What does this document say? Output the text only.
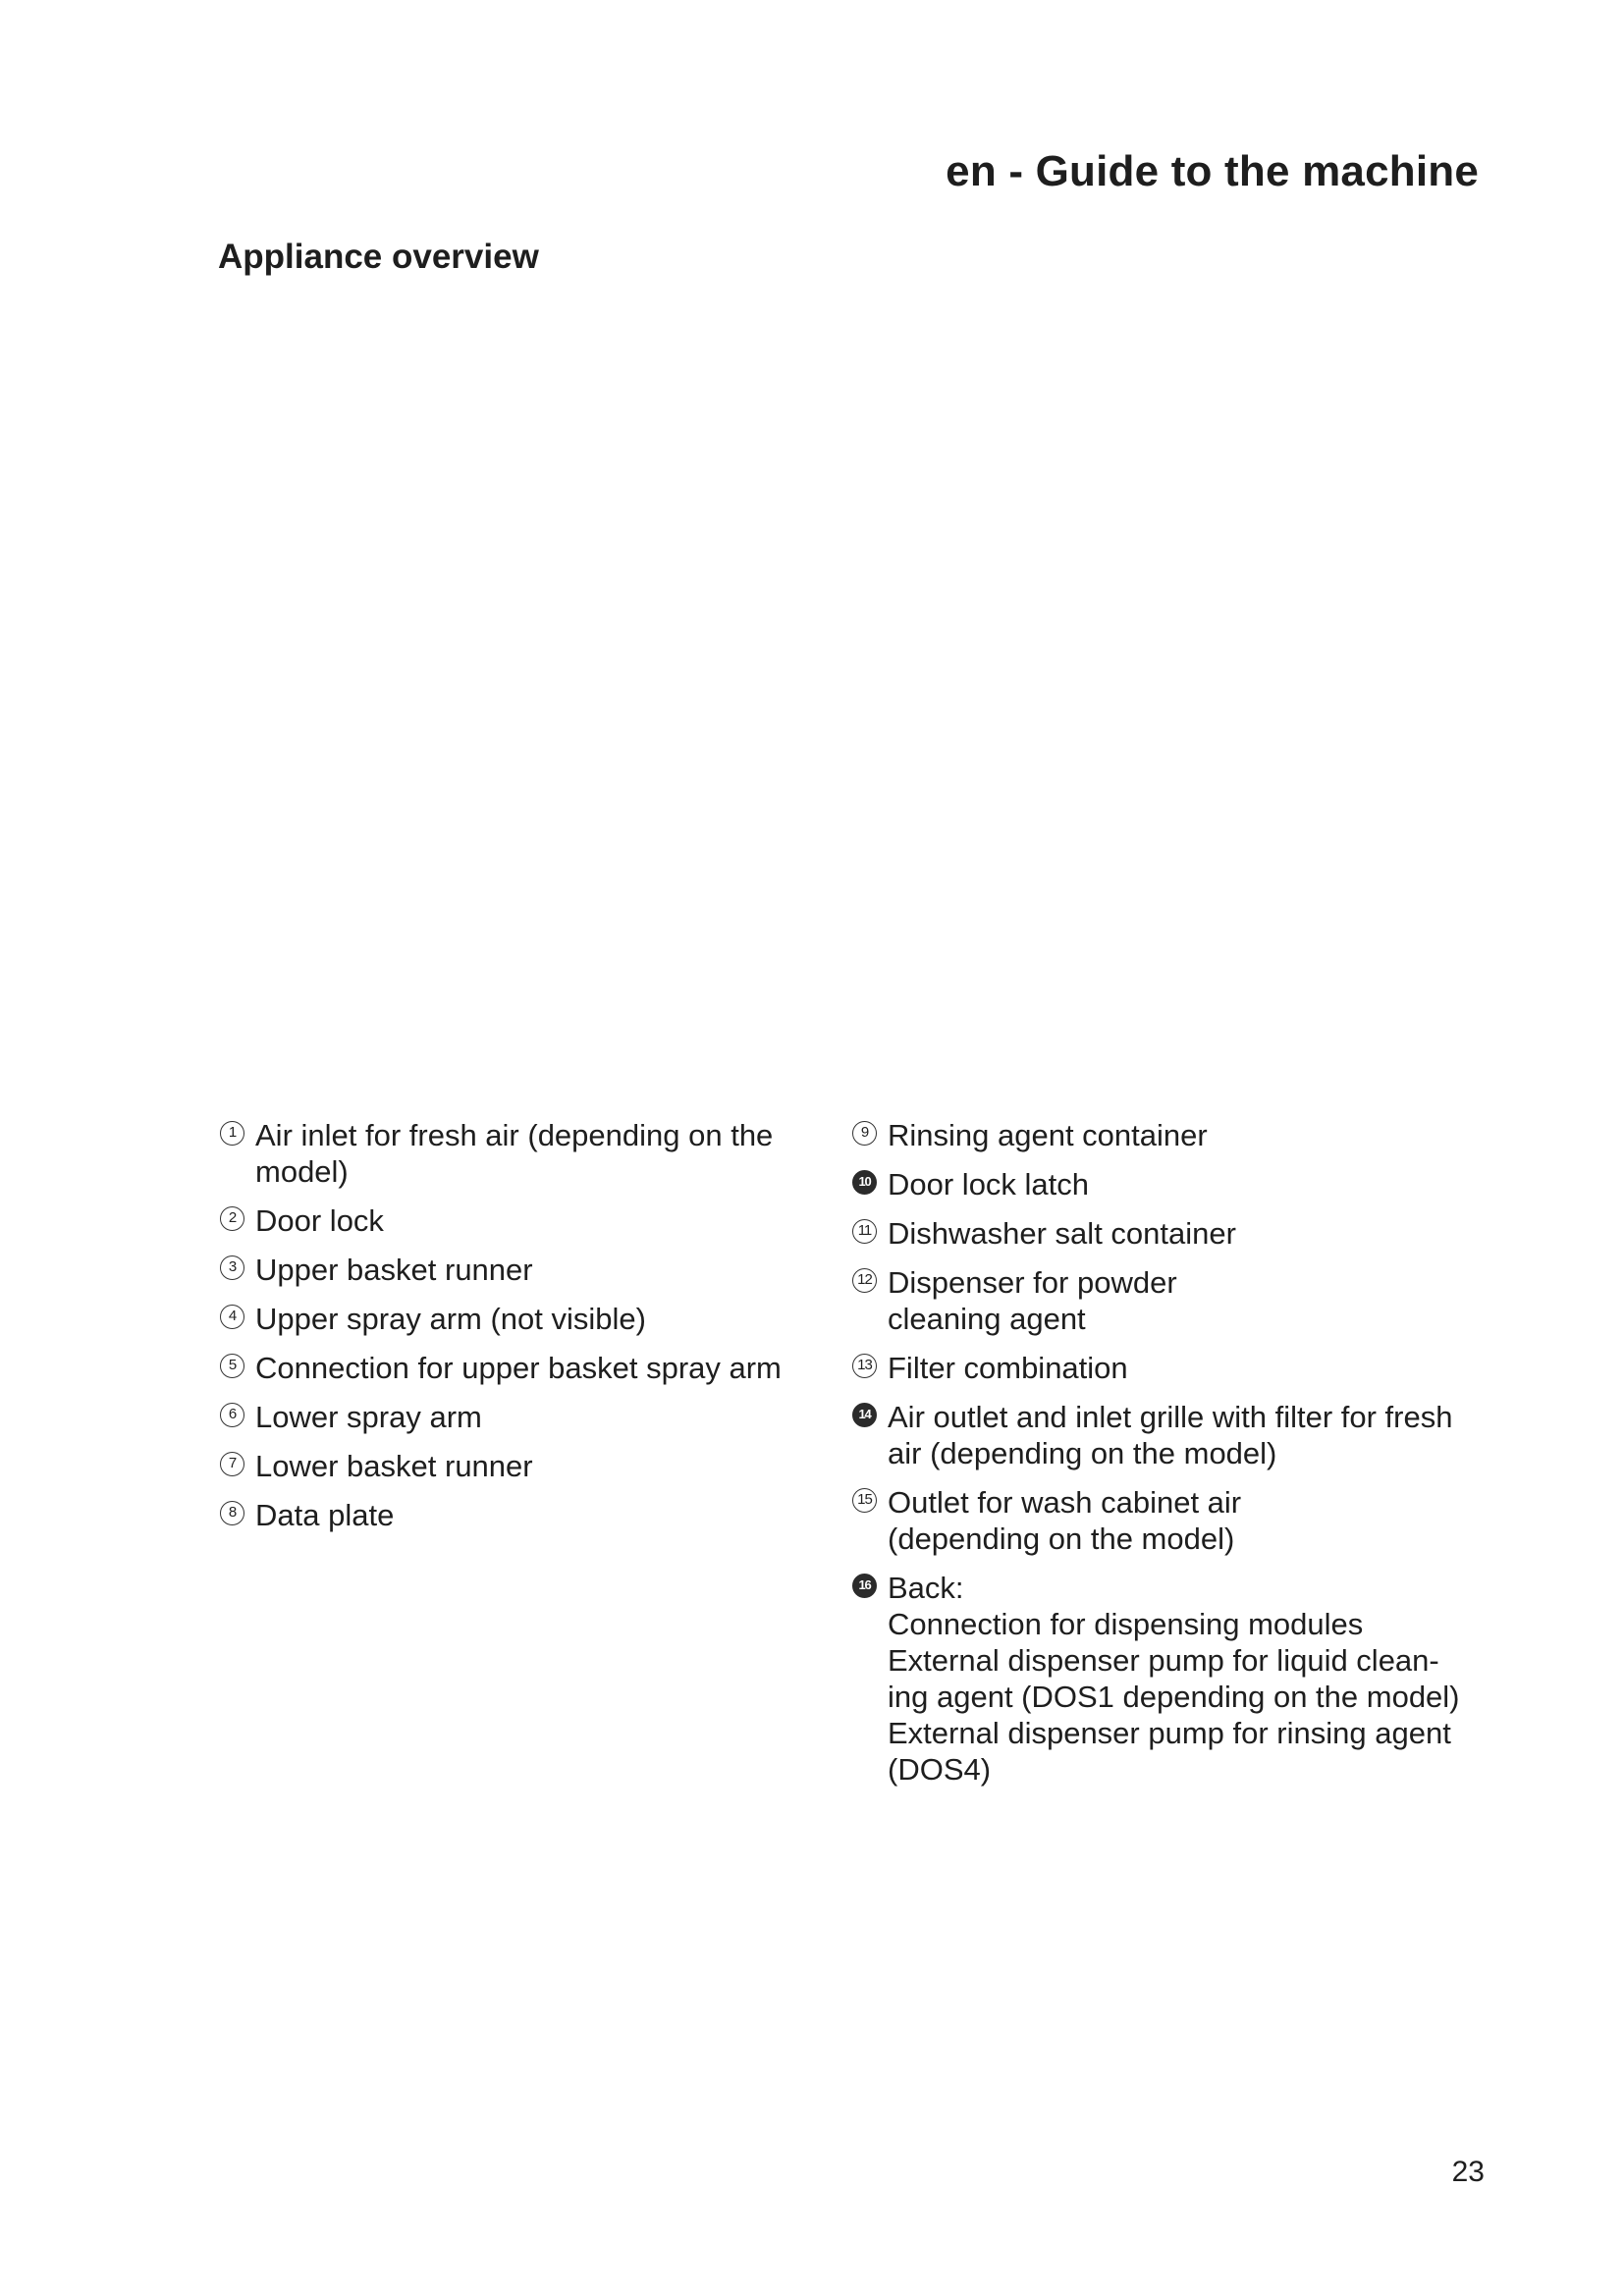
en - Guide to the machine
Appliance overview
1 Air inlet for fresh air (depending on the
model)
2 Door lock
3 Upper basket runner
4 Upper spray arm (not visible)
5 Connection for upper basket spray arm
6 Lower spray arm
7 Lower basket runner
8 Data plate
9 Rinsing agent container
10 Door lock latch
11 Dishwasher salt container
12 Dispenser for powder
cleaning agent
13 Filter combination
14 Air outlet and inlet grille with filter for fresh
air (depending on the model)
15 Outlet for wash cabinet air
(depending on the model)
16 Back:
Connection for dispensing modules
External dispenser pump for liquid clean-
ing agent (DOS1 depending on the model)
External dispenser pump for rinsing agent
(DOS4)
23
